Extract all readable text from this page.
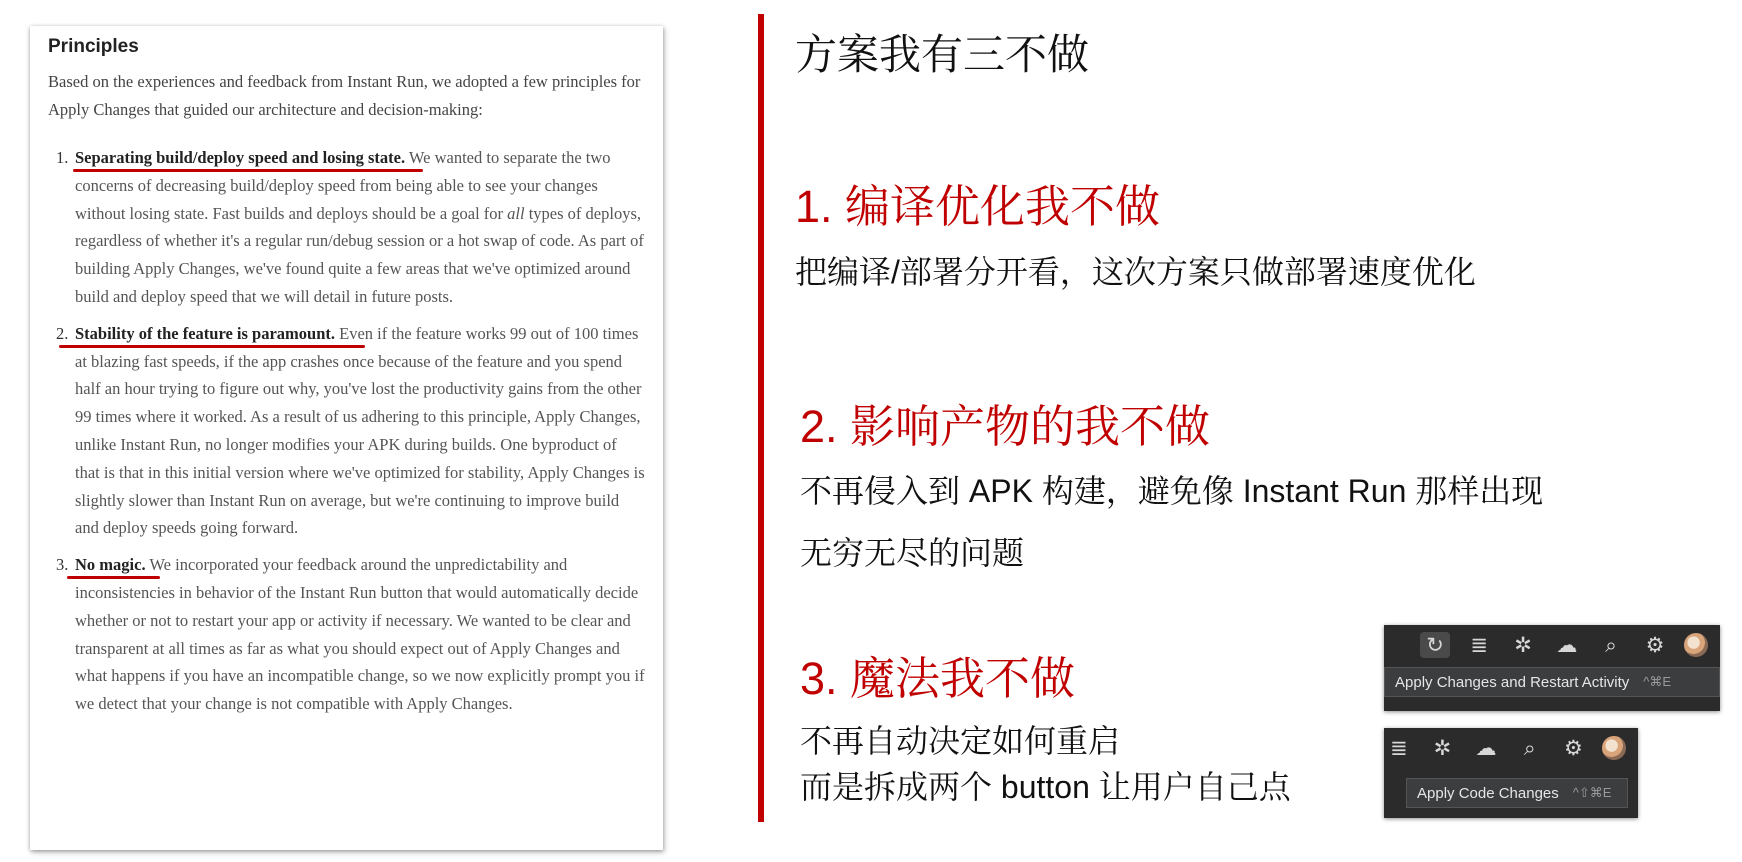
Principles

Based on the experiences and feedback from Instant Run, we adopted a few principles for Apply Changes that guided our architecture and decision-making:

1. Separating build/deploy speed and losing state.
We wanted to separate the two concerns of decreasing build/deploy speed from being able to see your changes without losing state. Fast builds and deploys should be a goal for all types of deploys, regardless of whether it's a regular run/debug session or a hot swap of code. As part of building Apply Changes, we've found quite a few areas that we've optimized around build and deploy speed that we will detail in future posts.
2. Stability of the feature is paramount.
Even if the feature works 99 out of 100 times at blazing fast speeds, if the app crashes once because of the feature and you spend half an hour trying to figure out why, you've lost the productivity gains from the other 99 times where it worked. As a result of us adhering to this principle, Apply Changes, unlike Instant Run, no longer modifies your APK during builds. One byproduct of that is that in this initial version where we've optimized for stability, Apply Changes is slightly slower than Instant Run on average, but we're continuing to improve build and deploy speeds going forward.
3. No magic.
We incorporated your feedback around the unpredictability and inconsistencies in behavior of the Instant Run button that would automatically decide whether or not to restart your app or activity if necessary. We wanted to be clear and transparent at all times as far as what you should expect out of Apply Changes and what happens if you have an incompatible change, so we now explicitly prompt you if we detect that your change is not compatible with Apply Changes.
方案我有三不做
1. 编译优化我不做
把编译/部署分开看，这次方案只做部署速度优化
2. 影响产物的我不做
不再侵入到 APK 构建，避免像 Instant Run 那样出现
无穷无尽的问题
3. 魔法我不做
不再自动决定如何重启
而是拆成两个 button 让用户自己点
↻ ≣ ✲ ☁	⌕	⚙
Apply Changes and Restart Activity ^⌘E
≣ ✲ ☁	⌕	⚙
Apply Code Changes ^⇧⌘E
